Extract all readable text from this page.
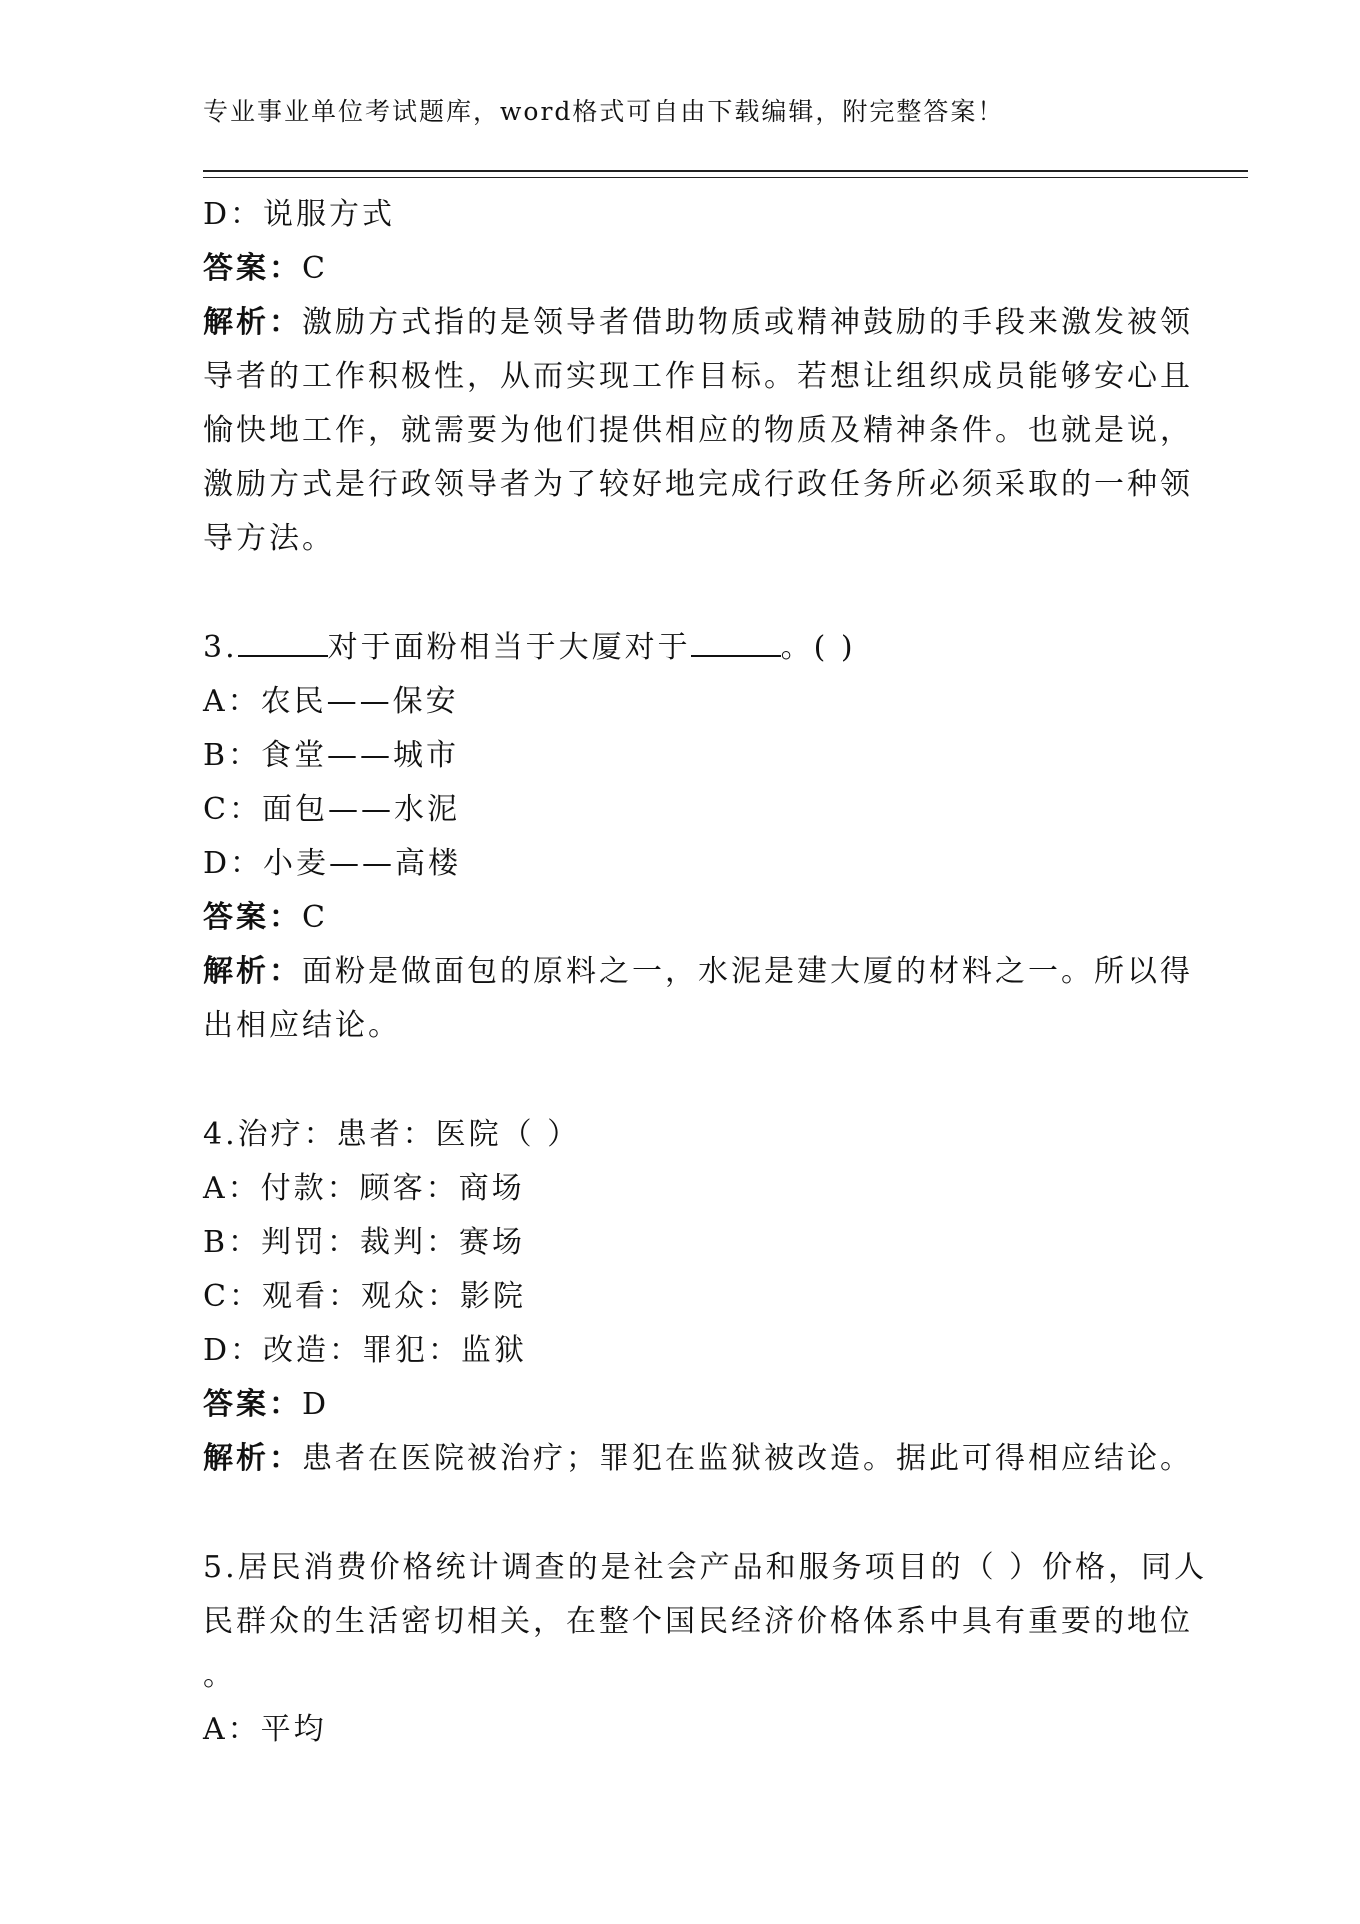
专业事业单位考试题库，word格式可自由下载编辑，附完整答案！
D：说服方式
答案：C
解析：激励方式指的是领导者借助物质或精神鼓励的手段来激发被领
导者的工作积极性，从而实现工作目标。若想让组织成员能够安心且
愉快地工作，就需要为他们提供相应的物质及精神条件。也就是说，
激励方式是行政领导者为了较好地完成行政任务所必须采取的一种领
导方法。
3.	对于面粉相当于大厦对于	。( )
A：农民——保安
B：食堂——城市
C：面包——水泥
D：小麦——高楼
答案：C
解析：面粉是做面包的原料之一，水泥是建大厦的材料之一。所以得
出相应结论。
4.治疗：患者：医院（ ）
A：付款：顾客：商场
B：判罚：裁判：赛场
C：观看：观众：影院
D：改造：罪犯：监狱
答案：D
解析：患者在医院被治疗；罪犯在监狱被改造。据此可得相应结论。
5.居民消费价格统计调查的是社会产品和服务项目的（ ）价格，同人
民群众的生活密切相关，在整个国民经济价格体系中具有重要的地位
。
A：平均
